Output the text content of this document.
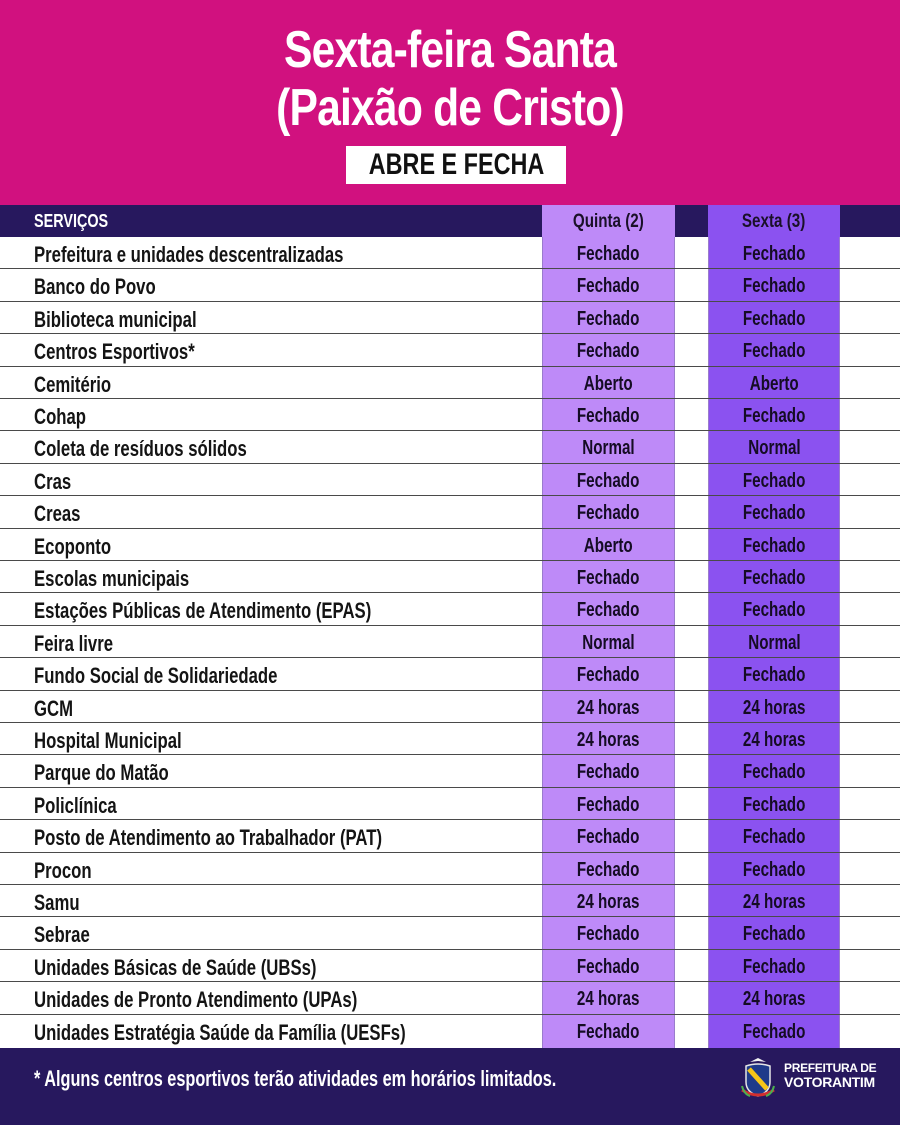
Sexta-feira Santa
(Paixão de Cristo)
ABRE E FECHA
SERVIÇOS	Quinta (2)	Sexta (3)
Prefeitura e unidades descentralizadas	Fechado	Fechado
Banco do Povo	Fechado	Fechado
Biblioteca municipal	Fechado	Fechado
Centros Esportivos*	Fechado	Fechado
Cemitério	Aberto	Aberto
Cohap	Fechado	Fechado
Coleta de resíduos sólidos	Normal	Normal
Cras	Fechado	Fechado
Creas	Fechado	Fechado
Ecoponto	Aberto	Fechado
Escolas municipais	Fechado	Fechado
Estações Públicas de Atendimento (EPAS)	Fechado	Fechado
Feira livre	Normal	Normal
Fundo Social de Solidariedade	Fechado	Fechado
GCM	24 horas	24 horas
Hospital Municipal	24 horas	24 horas
Parque do Matão	Fechado	Fechado
Policlínica	Fechado	Fechado
Posto de Atendimento ao Trabalhador (PAT)	Fechado	Fechado
Procon	Fechado	Fechado
Samu	24 horas	24 horas
Sebrae	Fechado	Fechado
Unidades Básicas de Saúde (UBSs)	Fechado	Fechado
Unidades de Pronto Atendimento (UPAs)	24 horas	24 horas
Unidades Estratégia Saúde da Família (UESFs)	Fechado	Fechado
* Alguns centros esportivos terão atividades em horários limitados.	PREFEITURA DE
VOTORANTIM
